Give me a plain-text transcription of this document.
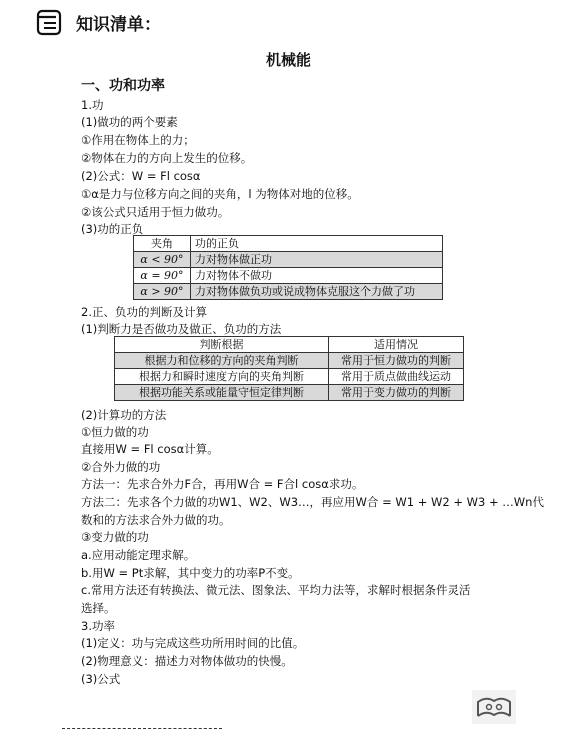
知识清单：
机械能
一、功和功率
1.功
(1)做功的两个要素
①作用在物体上的力；
②物体在力的方向上发生的位移。
(2)公式：W = Fl cosα
①α是力与位移方向之间的夹角，l 为物体对地的位移。
②该公式只适用于恒力做功。
(3)功的正负
夹角	功的正负
α < 90°	力对物体做正功
α = 90°	力对物体不做功
α > 90°	力对物体做负功或说成物体克服这个力做了功
2.正、负功的判断及计算
(1)判断力是否做功及做正、负功的方法
判断根据	适用情况
根据力和位移的方向的夹角判断	常用于恒力做功的判断
根据力和瞬时速度方向的夹角判断	常用于质点做曲线运动
根据功能关系或能量守恒定律判断	常用于变力做功的判断
(2)计算功的方法
①恒力做的功
直接用W = Fl cosα计算。
②合外力做的功
方法一：先求合外力F合，再用W合 = F合l cosα求功。
方法二：先求各个力做的功W1、W2、W3…，再应用W合 = W1 + W2 + W3 + …Wn代
数和的方法求合外力做的功。
③变力做的功
a.应用动能定理求解。
b.用W = Pt求解，其中变力的功率P不变。
c.常用方法还有转换法、微元法、图象法、平均力法等，求解时根据条件灵活
选择。
3.功率
(1)定义：功与完成这些功所用时间的比值。
(2)物理意义：描述力对物体做功的快慢。
(3)公式
